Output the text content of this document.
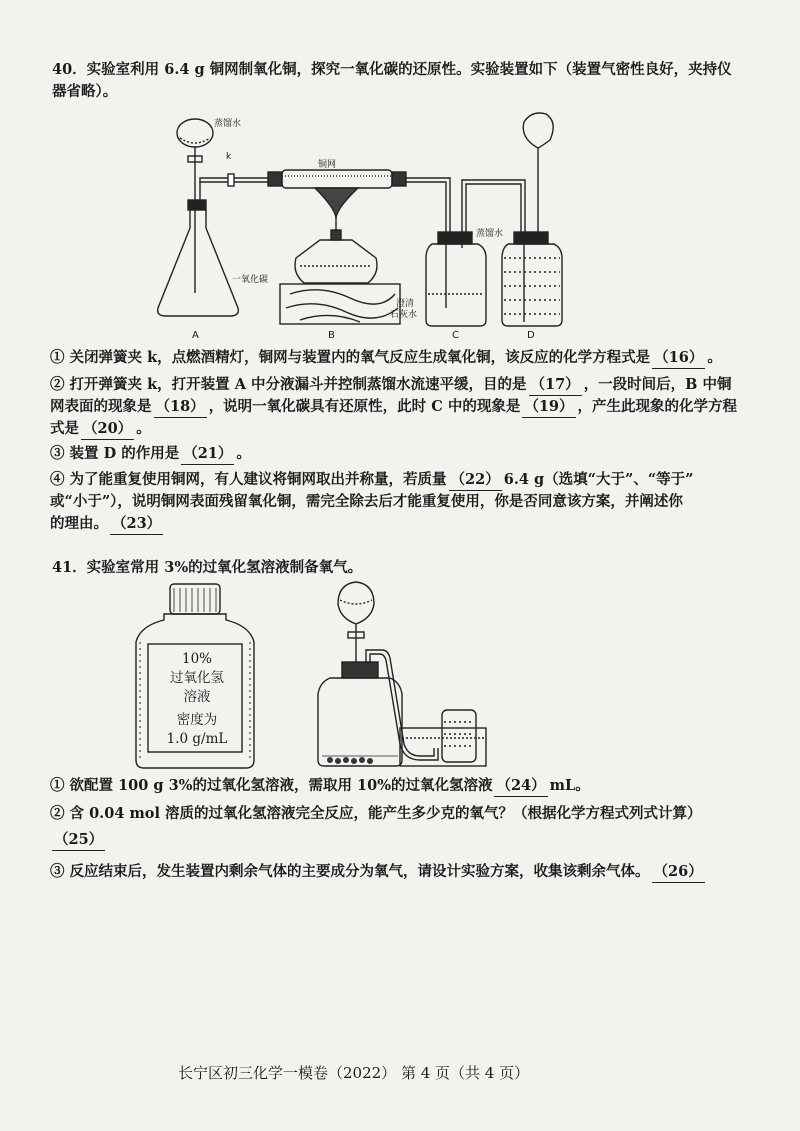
40．实验室利用 6.4 g 铜网制氧化铜，探究一氧化碳的还原性。实验装置如下（装置气密性良好，夹持仪
器省略）。
蒸馏水
k
铜网
一氧化碳
蒸馏水
澄清
石灰水
A	B	C	D
① 关闭弹簧夹 k，点燃酒精灯，铜网与装置内的氧气反应生成氧化铜，该反应的化学方程式是 （16） 。
② 打开弹簧夹 k，打开装置 A 中分液漏斗并控制蒸馏水流速平缓，目的是 （17） ，一段时间后，B 中铜
网表面的现象是 （18） ，说明一氧化碳具有还原性，此时 C 中的现象是 （19） ，产生此现象的化学方程
式是 （20） 。
③ 装置 D 的作用是 （21） 。
④ 为了能重复使用铜网，有人建议将铜网取出并称量，若质量 （22） 6.4 g（选填“大于”、“等于”
或“小于”），说明铜网表面残留氧化铜，需完全除去后才能重复使用，你是否同意该方案，并阐述你
的理由。 （23）
41．实验室常用 3%的过氧化氢溶液制备氧气。
10%
过氧化氢
溶液
密度为
1.0 g/mL
① 欲配置 100 g 3%的过氧化氢溶液，需取用 10%的过氧化氢溶液 （24） mL。
② 含 0.04 mol 溶质的过氧化氢溶液完全反应，能产生多少克的氧气？（根据化学方程式列式计算）
（25）
③ 反应结束后，发生装置内剩余气体的主要成分为氧气，请设计实验方案，收集该剩余气体。 （26）
长宁区初三化学一模卷（2022） 第 4 页（共 4 页）
